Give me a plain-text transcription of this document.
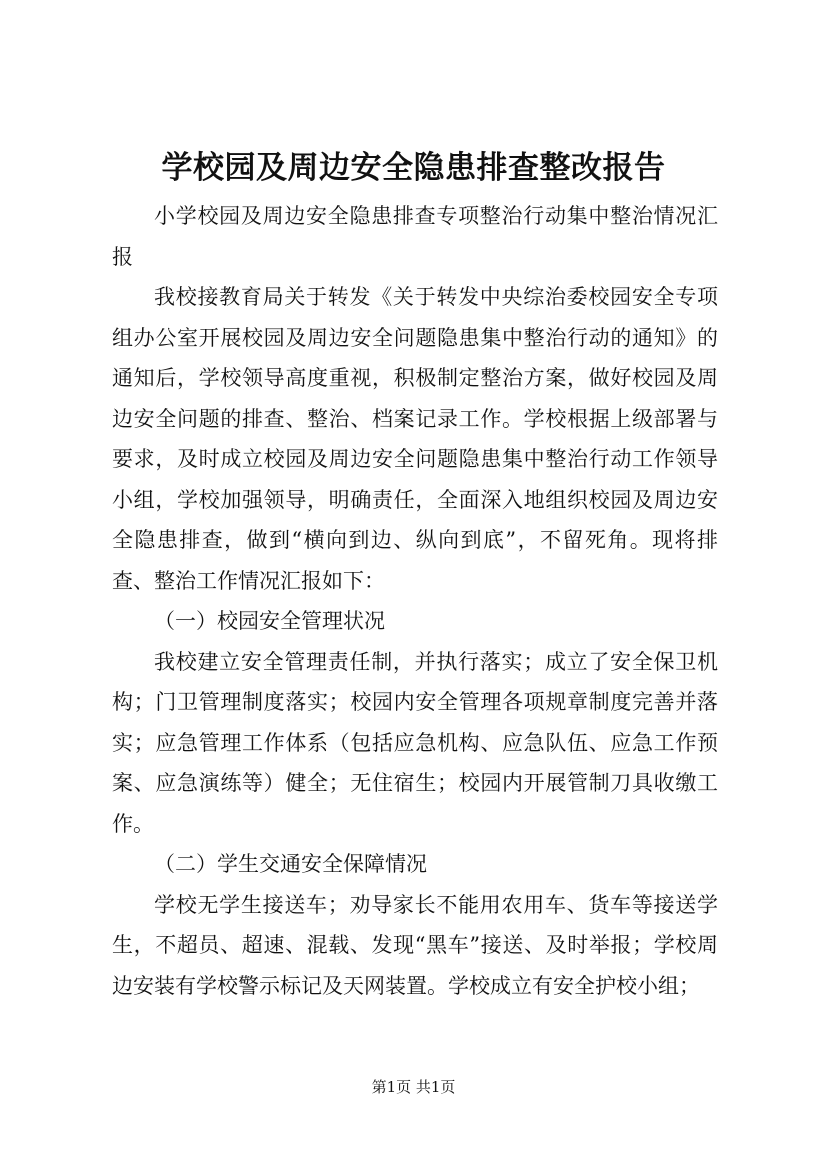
学校园及周边安全隐患排查整改报告

小学校园及周边安全隐患排查专项整治行动集中整治情况汇报

我校接教育局关于转发《关于转发中央综治委校园安全专项组办公室开展校园及周边安全问题隐患集中整治行动的通知》的通知后，学校领导高度重视，积极制定整治方案，做好校园及周边安全问题的排查、整治、档案记录工作。学校根据上级部署与要求，及时成立校园及周边安全问题隐患集中整治行动工作领导小组，学校加强领导，明确责任，全面深入地组织校园及周边安全隐患排查，做到“横向到边、纵向到底”，不留死角。现将排查、整治工作情况汇报如下：

（一）校园安全管理状况

我校建立安全管理责任制，并执行落实；成立了安全保卫机构；门卫管理制度落实；校园内安全管理各项规章制度完善并落实；应急管理工作体系（包括应急机构、应急队伍、应急工作预案、应急演练等）健全；无住宿生；校园内开展管制刀具收缴工作。

（二）学生交通安全保障情况

学校无学生接送车；劝导家长不能用农用车、货车等接送学生，不超员、超速、混载、发现“黑车”接送、及时举报；学校周边安装有学校警示标记及天网装置。学校成立有安全护校小组；

第1页 共1页
